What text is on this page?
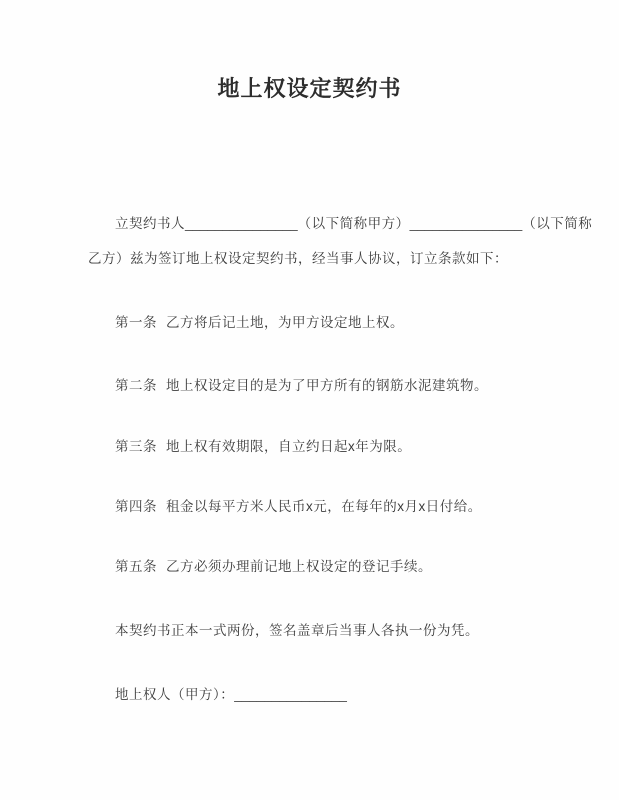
地上权设定契约书

立契约书人_______________（以下简称甲方）_______________（以下简称

乙方）兹为签订地上权设定契约书，经当事人协议，订立条款如下：

第一条 乙方将后记土地，为甲方设定地上权。

第二条 地上权设定目的是为了甲方所有的钢筋水泥建筑物。

第三条 地上权有效期限，自立约日起x年为限。

第四条 租金以每平方米人民币x元，在每年的x月x日付给。

第五条 乙方必须办理前记地上权设定的登记手续。

本契约书正本一式两份，签名盖章后当事人各执一份为凭。

地上权人（甲方）：_______________
